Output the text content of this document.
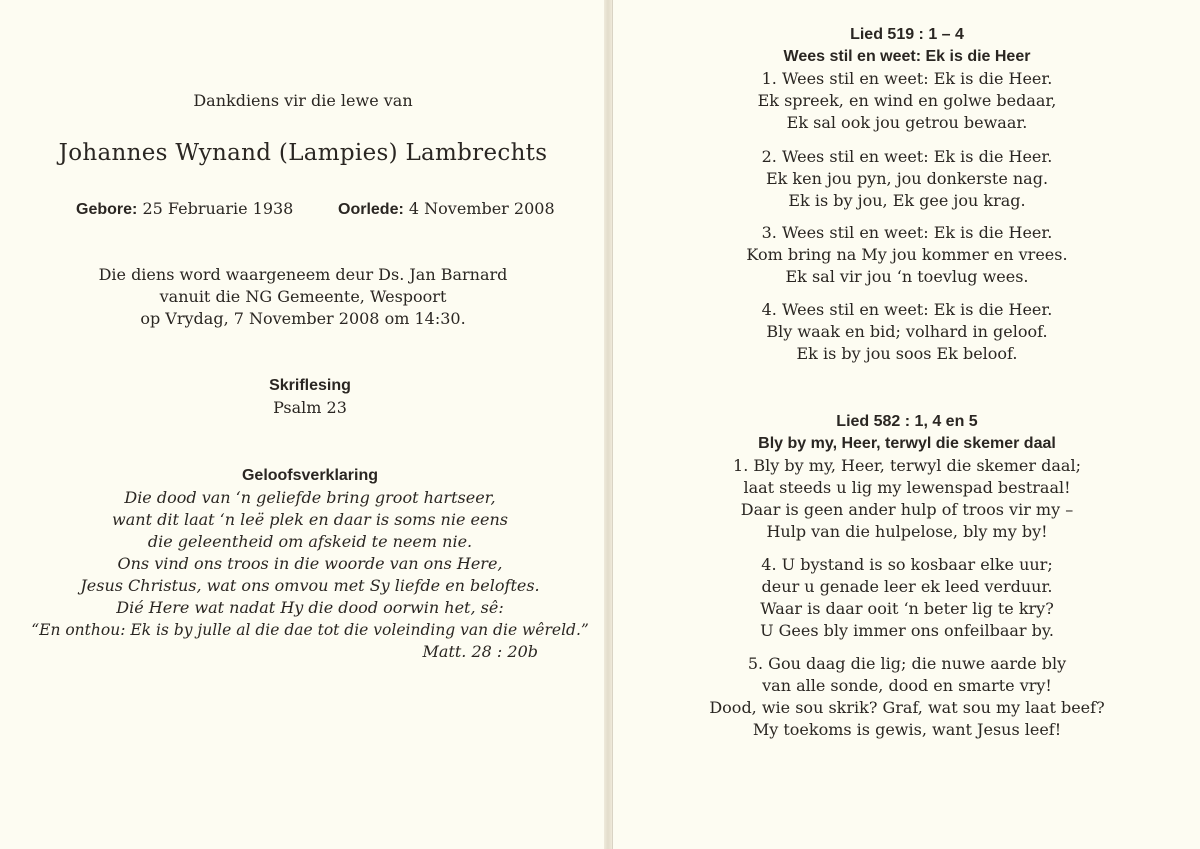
Dankdiens vir die lewe van
Johannes Wynand (Lampies) Lambrechts
Gebore: 25 Februarie 1938	Oorlede: 4 November 2008
Die diens word waargeneem deur Ds. Jan Barnard
vanuit die NG Gemeente, Wespoort
op Vrydag, 7 November 2008 om 14:30.
Skriflesing
Psalm 23
Geloofsverklaring
Die dood van ‘n geliefde bring groot hartseer,
want dit laat ‘n leë plek en daar is soms nie eens
die geleentheid om afskeid te neem nie.
Ons vind ons troos in die woorde van ons Here,
Jesus Christus, wat ons omvou met Sy liefde en beloftes.
Dié Here wat nadat Hy die dood oorwin het, sê:
“En onthou: Ek is by julle al die dae tot die voleinding van die wêreld.”
Matt. 28 : 20b
Lied 519 : 1 – 4
Wees stil en weet: Ek is die Heer
1. Wees stil en weet: Ek is die Heer.
Ek spreek, en wind en golwe bedaar,
Ek sal ook jou getrou bewaar.
2. Wees stil en weet: Ek is die Heer.
Ek ken jou pyn, jou donkerste nag.
Ek is by jou, Ek gee jou krag.
3. Wees stil en weet: Ek is die Heer.
Kom bring na My jou kommer en vrees.
Ek sal vir jou ‘n toevlug wees.
4. Wees stil en weet: Ek is die Heer.
Bly waak en bid; volhard in geloof.
Ek is by jou soos Ek beloof.
Lied 582 : 1, 4 en 5
Bly by my, Heer, terwyl die skemer daal
1. Bly by my, Heer, terwyl die skemer daal;
laat steeds u lig my lewenspad bestraal!
Daar is geen ander hulp of troos vir my –
Hulp van die hulpelose, bly my by!
4. U bystand is so kosbaar elke uur;
deur u genade leer ek leed verduur.
Waar is daar ooit ‘n beter lig te kry?
U Gees bly immer ons onfeilbaar by.
5. Gou daag die lig; die nuwe aarde bly
van alle sonde, dood en smarte vry!
Dood, wie sou skrik? Graf, wat sou my laat beef?
My toekoms is gewis, want Jesus leef!
